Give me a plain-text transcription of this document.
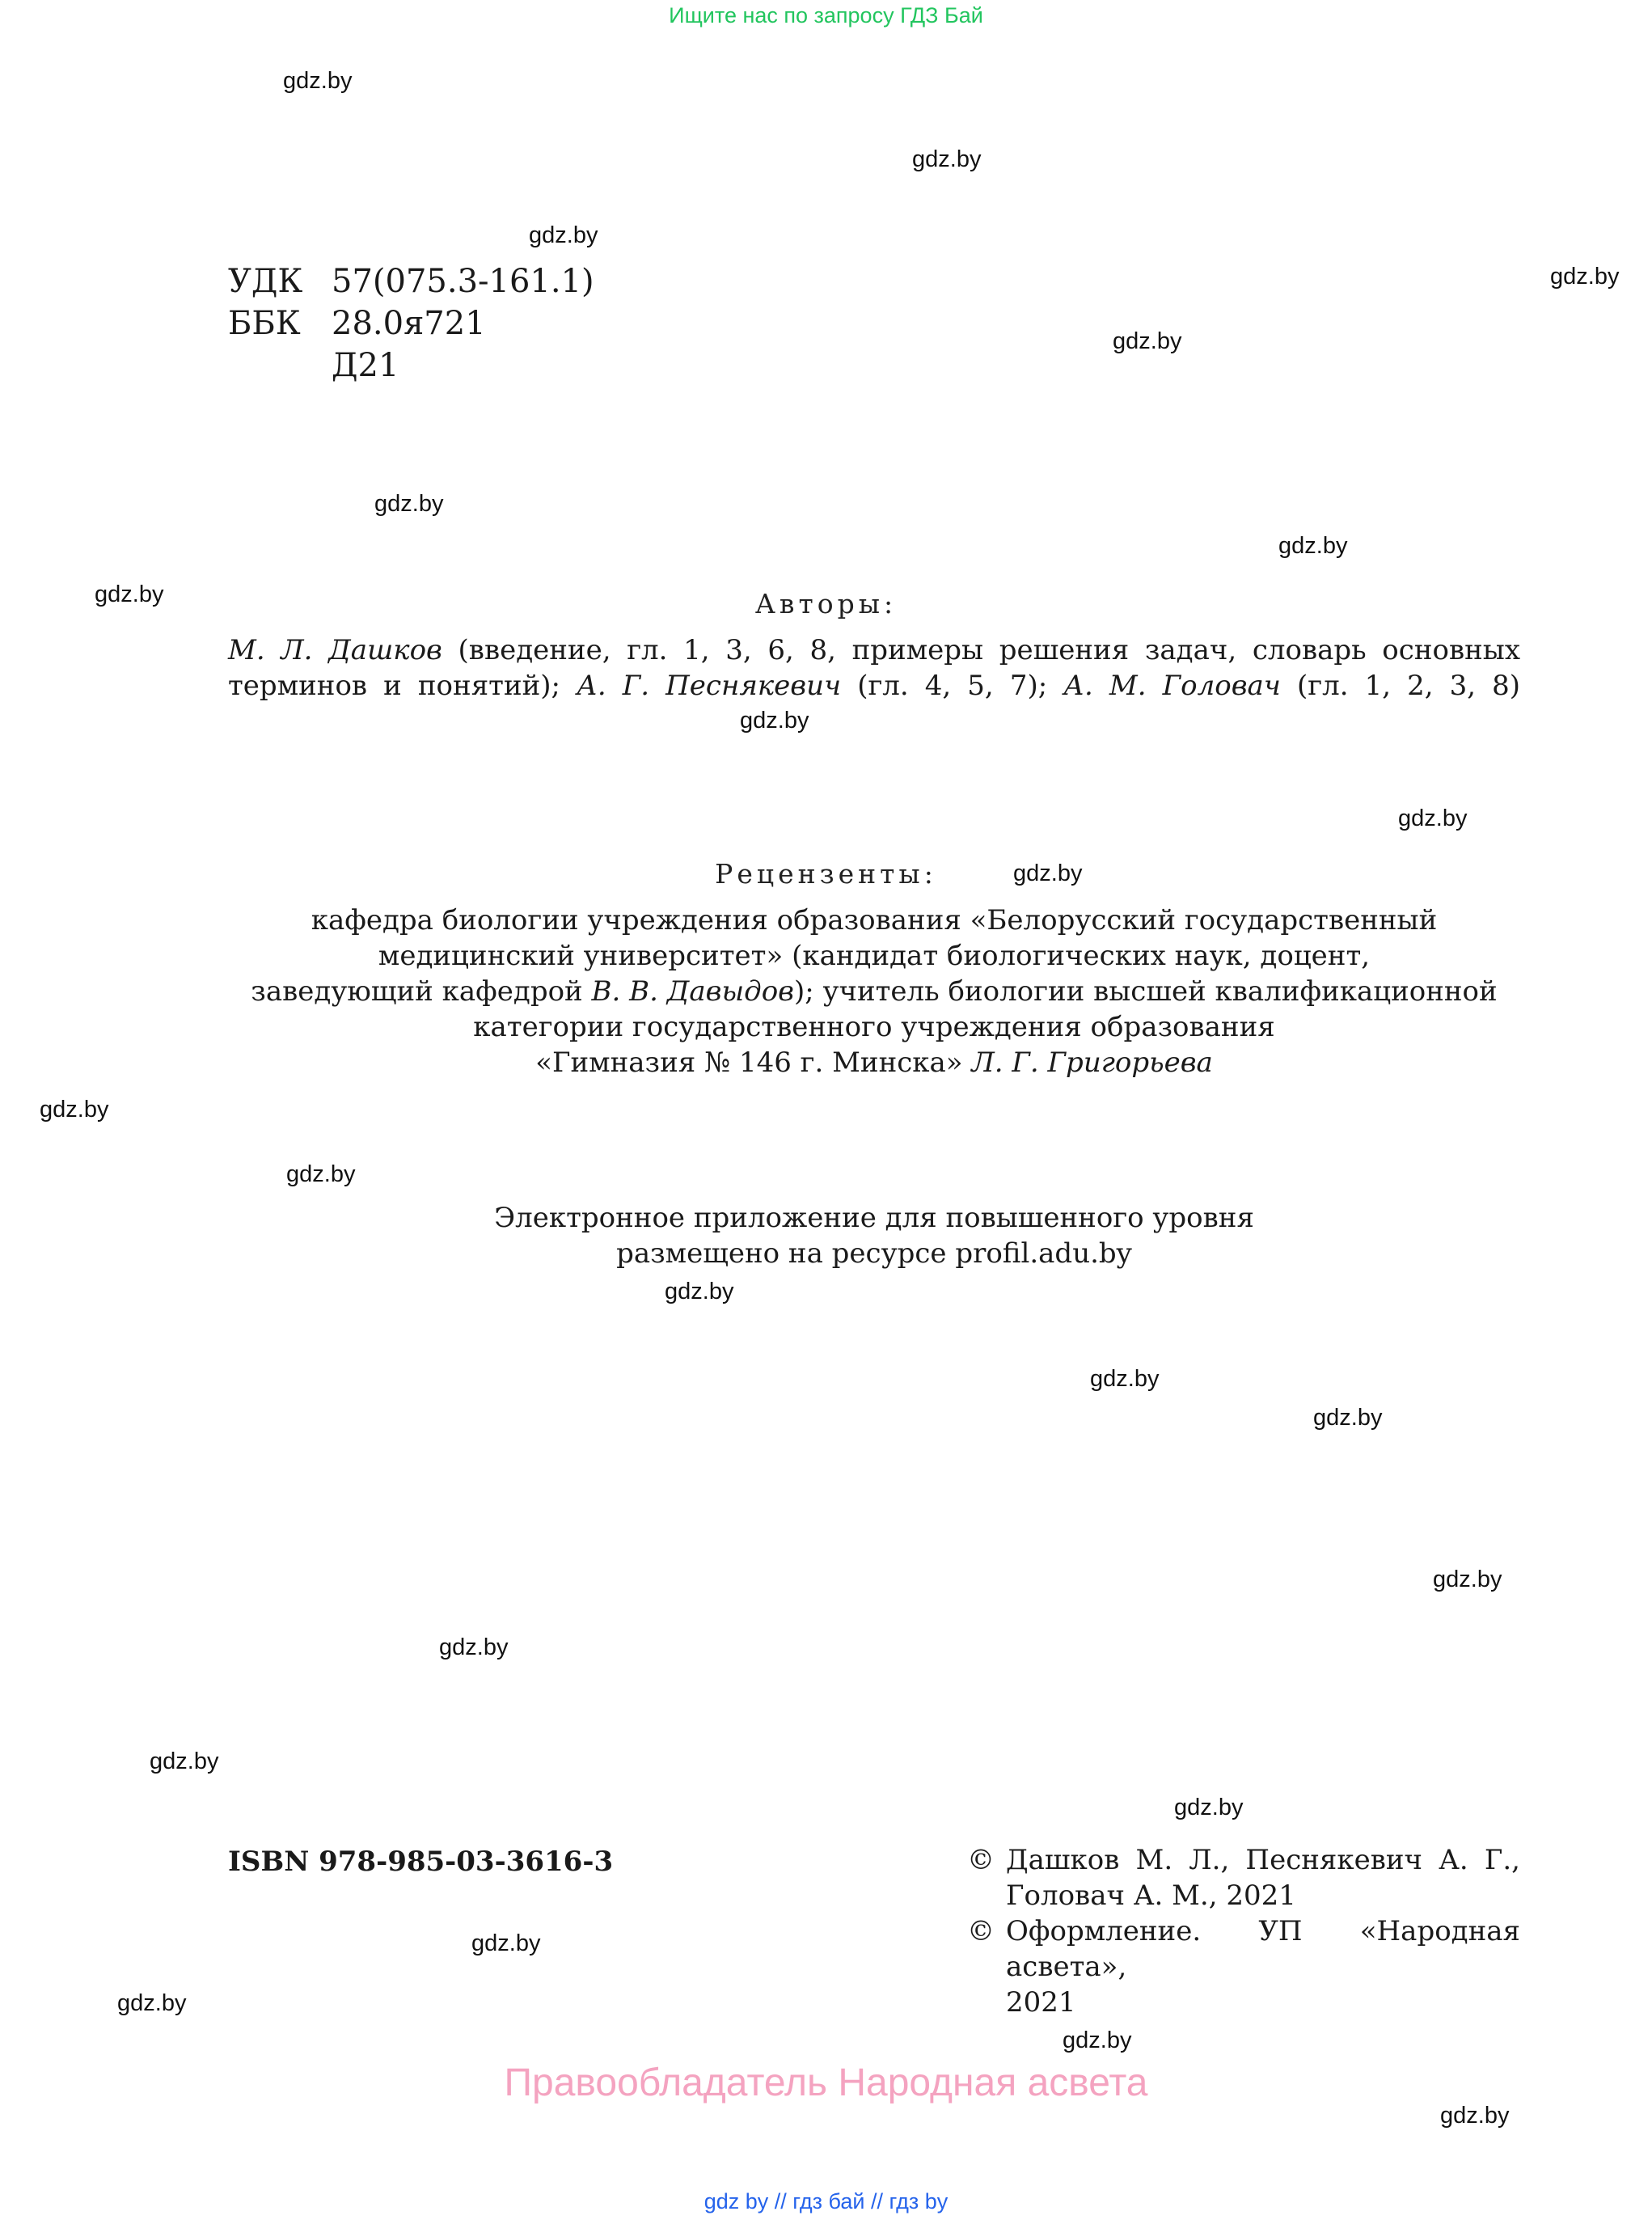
Ищите нас по запросу ГДЗ Бай
gdz.by
gdz.by
gdz.by
gdz.by
gdz.by
gdz.by
gdz.by
gdz.by
gdz.by
gdz.by
gdz.by
gdz.by
gdz.by
gdz.by
gdz.by
gdz.by
gdz.by
gdz.by
gdz.by
gdz.by
gdz.by
gdz.by
gdz.by
gdz.by
УДК 57(075.3-161.1)
ББК 28.0я721
Д21
Авторы:
М. Л. Дашков (введение, гл. 1, 3, 6, 8, примеры решения задач, словарь основных
терминов и понятий); А. Г. Песнякевич (гл. 4, 5, 7); А. М. Головач (гл. 1, 2, 3, 8)
Рецензенты:
кафедра биологии учреждения образования «Белорусский государственный
медицинский университет» (кандидат биологических наук, доцент,
заведующий кафедрой В. В. Давыдов); учитель биологии высшей квалификационной
категории государственного учреждения образования
«Гимназия № 146 г. Минска» Л. Г. Григорьева
Электронное приложение для повышенного уровня
размещено на ресурсе profil.adu.by
ISBN 978-985-03-3616-3	© Дашков М. Л., Песнякевич А. Г.,
Головач А. М., 2021
© Оформление. УП «Народная асвета»,
2021
Правообладатель Народная асвета
gdz by // гдз бай // гдз by
